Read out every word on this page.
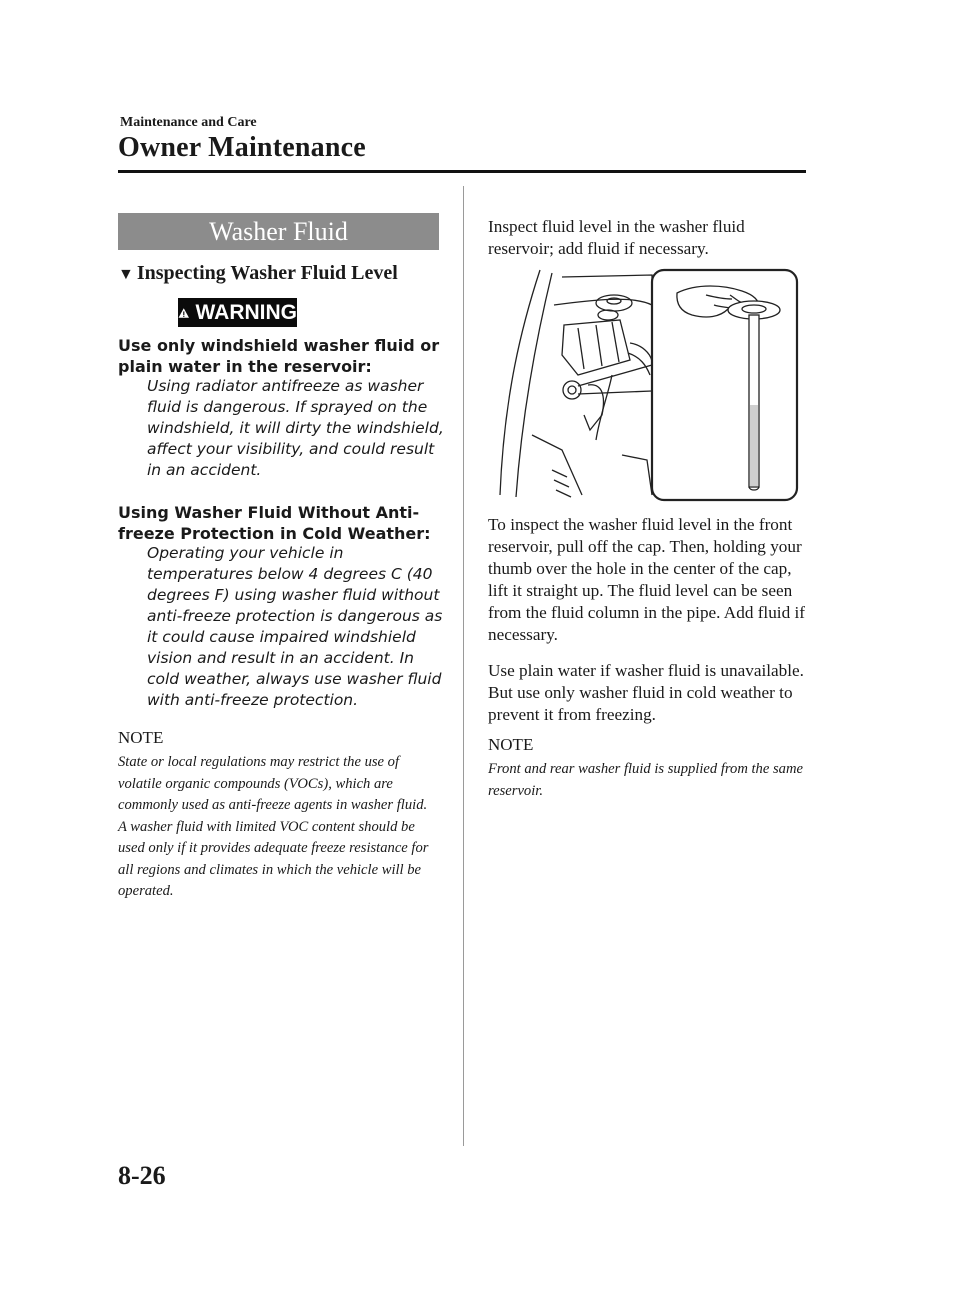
Maintenance and Care
Owner Maintenance
Washer Fluid
▼ Inspecting Washer Fluid Level
WARNING
Use only windshield washer fluid or plain water in the reservoir:
Using radiator antifreeze as washer fluid is dangerous. If sprayed on the windshield, it will dirty the windshield, affect your visibility, and could result in an accident.
Using Washer Fluid Without Anti-freeze Protection in Cold Weather:
Operating your vehicle in temperatures below 4 degrees C (40 degrees F) using washer fluid without anti-freeze protection is dangerous as it could cause impaired windshield vision and result in an accident. In cold weather, always use washer fluid with anti-freeze protection.
NOTE
State or local regulations may restrict the use of volatile organic compounds (VOCs), which are commonly used as anti-freeze agents in washer fluid. A washer fluid with limited VOC content should be used only if it provides adequate freeze resistance for all regions and climates in which the vehicle will be operated.
Inspect fluid level in the washer fluid reservoir; add fluid if necessary.
To inspect the washer fluid level in the front reservoir, pull off the cap. Then, holding your thumb over the hole in the center of the cap, lift it straight up. The fluid level can be seen from the fluid column in the pipe. Add fluid if necessary.
Use plain water if washer fluid is unavailable. But use only washer fluid in cold weather to prevent it from freezing.
NOTE
Front and rear washer fluid is supplied from the same reservoir.
8-26
